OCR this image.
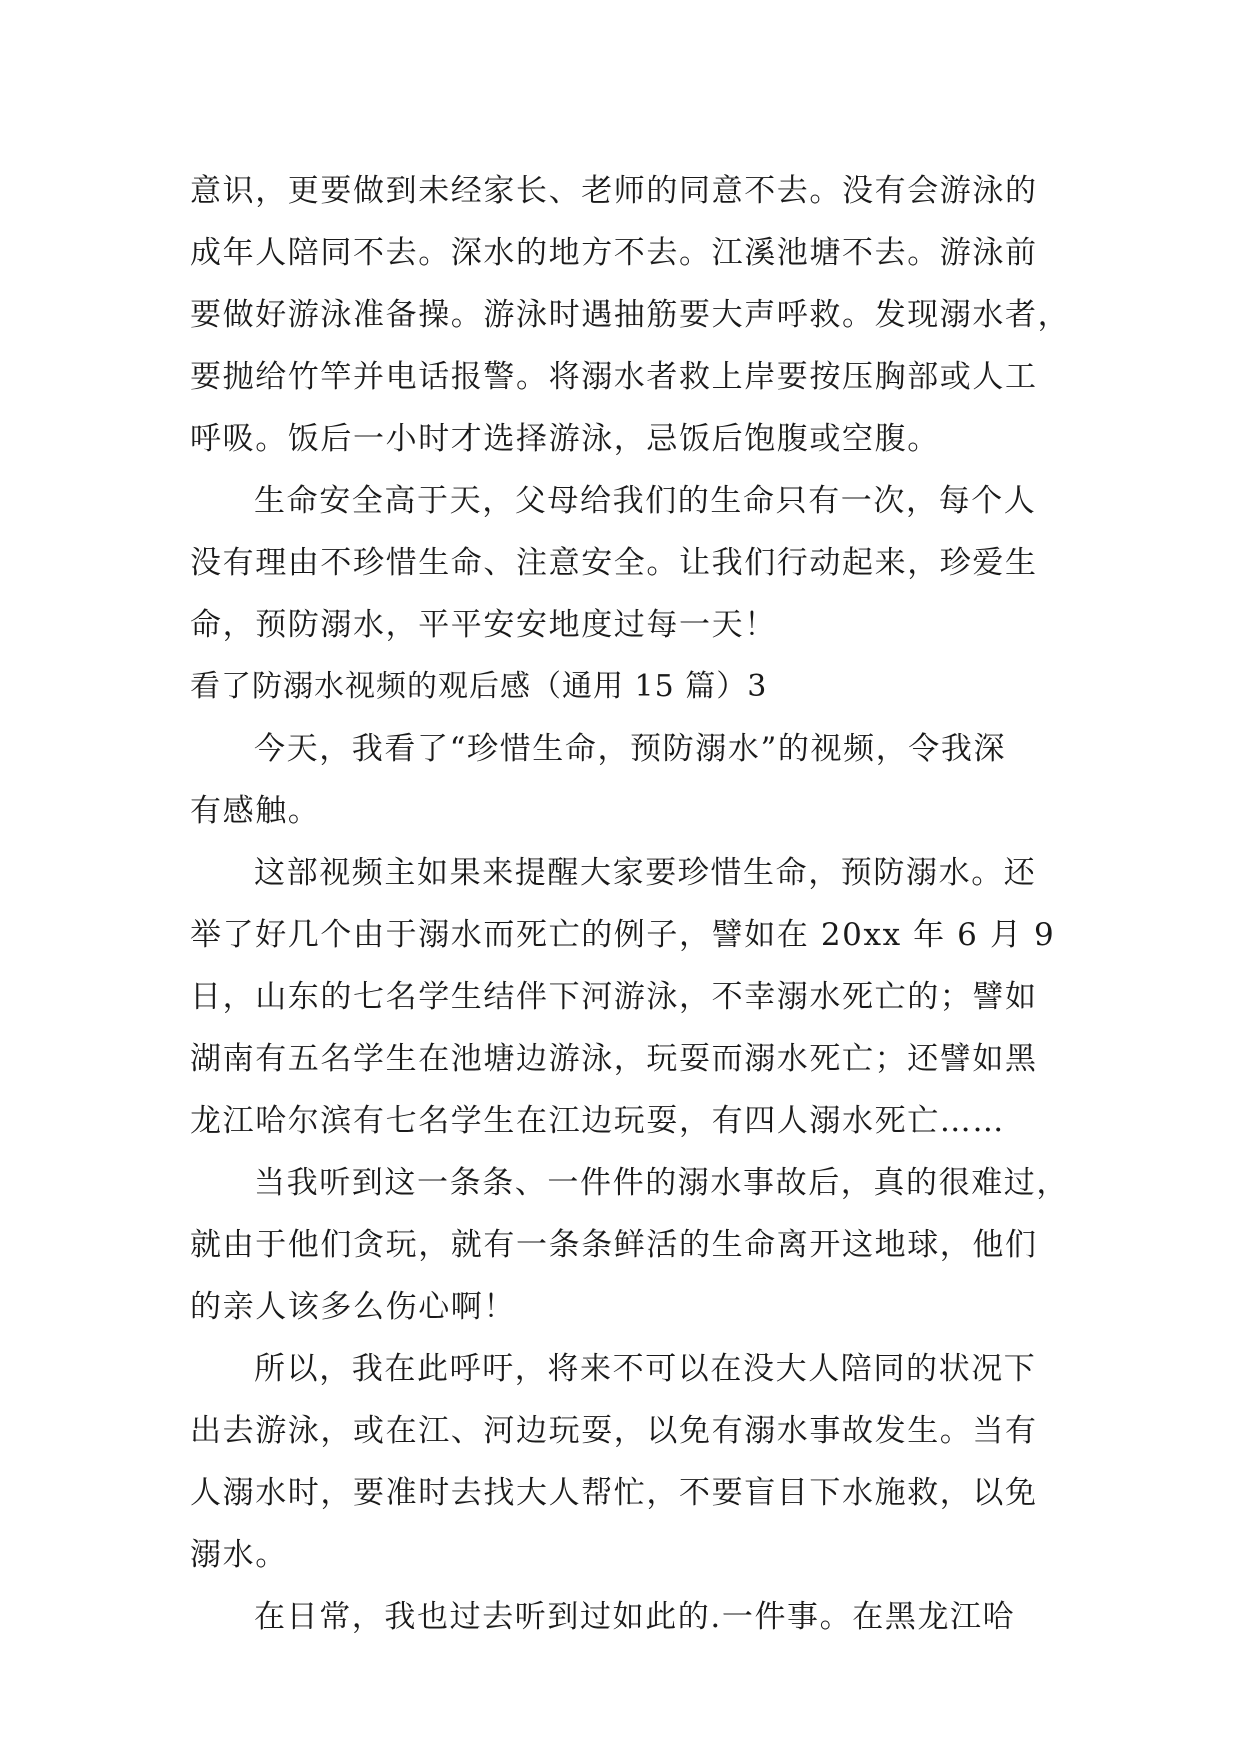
意识，更要做到未经家长、老师的同意不去。没有会游泳的
成年人陪同不去。深水的地方不去。江溪池塘不去。游泳前
要做好游泳准备操。游泳时遇抽筋要大声呼救。发现溺水者，
要抛给竹竿并电话报警。将溺水者救上岸要按压胸部或人工
呼吸。饭后一小时才选择游泳，忌饭后饱腹或空腹。
生命安全高于天，父母给我们的生命只有一次，每个人
没有理由不珍惜生命、注意安全。让我们行动起来，珍爱生
命，预防溺水，平平安安地度过每一天！
看了防溺水视频的观后感（通用 15 篇）3
今天，我看了“珍惜生命，预防溺水”的视频，令我深
有感触。
这部视频主如果来提醒大家要珍惜生命，预防溺水。还
举了好几个由于溺水而死亡的例子，譬如在 20xx 年 6 月 9
日，山东的七名学生结伴下河游泳，不幸溺水死亡的；譬如
湖南有五名学生在池塘边游泳，玩耍而溺水死亡；还譬如黑
龙江哈尔滨有七名学生在江边玩耍，有四人溺水死亡……
当我听到这一条条、一件件的溺水事故后，真的很难过，
就由于他们贪玩，就有一条条鲜活的生命离开这地球，他们
的亲人该多么伤心啊！
所以，我在此呼吁，将来不可以在没大人陪同的状况下
出去游泳，或在江、河边玩耍，以免有溺水事故发生。当有
人溺水时，要准时去找大人帮忙，不要盲目下水施救，以免
溺水。
在日常，我也过去听到过如此的.一件事。在黑龙江哈
